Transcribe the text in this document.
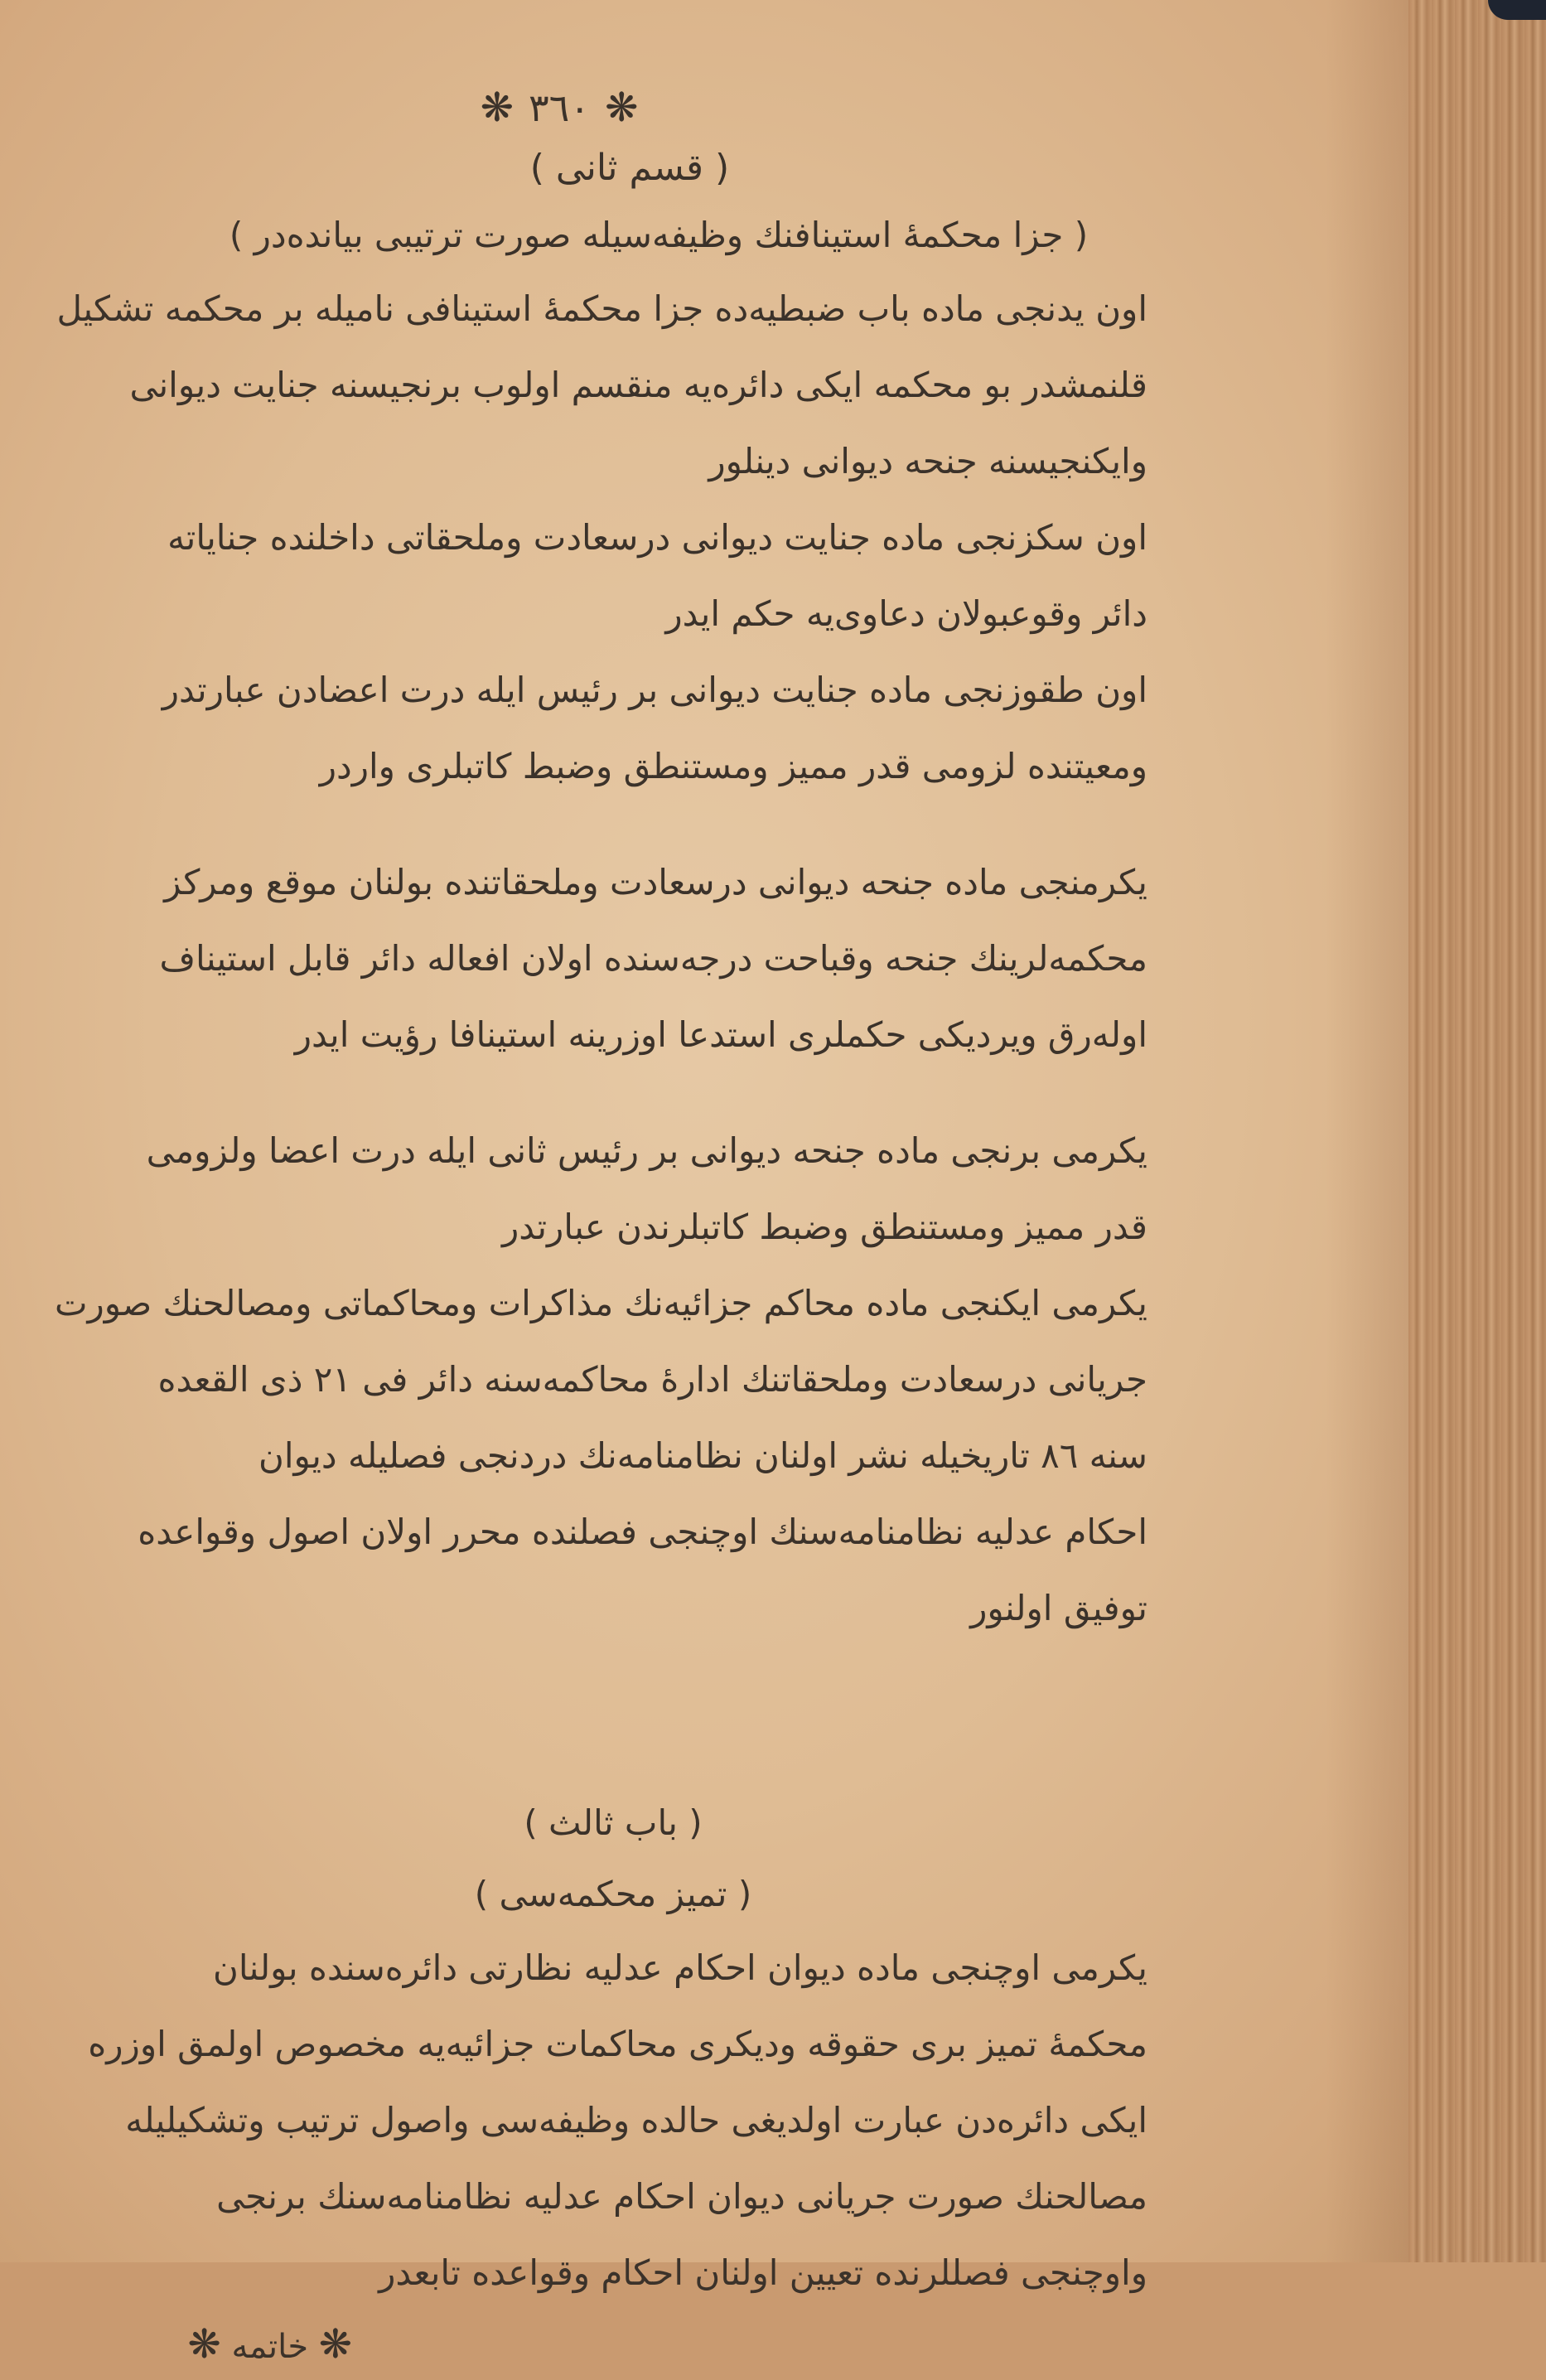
❋ ٣٦٠ ❋
( قسم ثانی )
( جزا محکمهٔ استینافنك وظیفه‌سیله صورت ترتیبی بیانده‌در )
اون یدنجی ماده باب ضبطیه‌ده جزا محکمهٔ استینافی نامیله بر محکمه تشکیل
قلنمشدر بو محکمه ایکی دائره‌یه منقسم اولوب برنجیسنه جنایت دیوانی
وایکنجیسنه جنحه دیوانی دینلور
اون سکزنجی ماده جنایت دیوانی درسعادت وملحقاتی داخلنده جنایاته
دائر وقوعبولان دعاوی‌یه حکم ایدر
اون طقوزنجی ماده جنایت دیوانی بر رئیس ایله درت اعضادن عبارتدر
ومعیتنده لزومی قدر ممیز ومستنطق وضبط کاتبلری واردر
یکرمنجی ماده جنحه دیوانی درسعادت وملحقاتنده بولنان موقع ومرکز
محکمه‌لرینك جنحه وقباحت درجه‌سنده اولان افعاله دائر قابل استیناف
اوله‌رق ویردیکی حکملری استدعا اوزرینه استینافا رؤیت ایدر
یکرمی برنجی ماده جنحه دیوانی بر رئیس ثانی ایله درت اعضا ولزومی
قدر ممیز ومستنطق وضبط کاتبلرندن عبارتدر
یکرمی ایکنجی ماده محاکم جزائیه‌نك مذاکرات ومحاکماتی ومصالحنك صورت
جریانی درسعادت وملحقاتنك ادارهٔ محاکمه‌سنه دائر فی ٢١ ذی القعده
سنه ٨٦ تاریخیله نشر اولنان نظامنامه‌نك دردنجی فصلیله دیوان
احکام عدلیه نظامنامه‌سنك اوچنجی فصلنده محرر اولان اصول وقواعده
توفیق اولنور
( باب ثالث )
( تمیز محکمه‌سی )
یکرمی اوچنجی ماده دیوان احکام عدلیه نظارتی دائره‌سنده بولنان
محکمهٔ تمیز بری حقوقه ودیکری محاکمات جزائیه‌یه مخصوص اولمق اوزره
ایکی دائره‌دن عبارت اولدیغی حالده وظیفه‌سی واصول ترتیب وتشکیلیله
مصالحنك صورت جریانی دیوان احکام عدلیه نظامنامه‌سنك برنجی
واوچنجی فصللرنده تعیین اولنان احکام وقواعده تابعدر
❋ خاتمه ❋
